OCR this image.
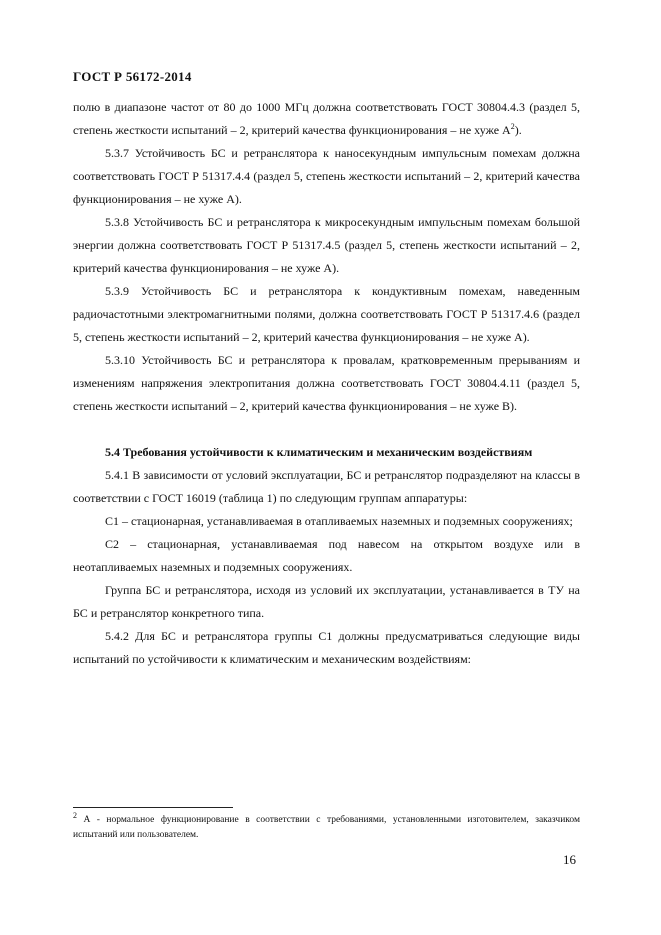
ГОСТ Р 56172-2014

полю в диапазоне частот от 80 до 1000 МГц должна соответствовать ГОСТ 30804.4.3 (раздел 5, степень жесткости испытаний – 2, критерий качества функционирования – не хуже $А^2$).

5.3.7 Устойчивость БС и ретранслятора к наносекундным импульсным помехам должна соответствовать ГОСТ Р 51317.4.4 (раздел 5, степень жесткости испытаний – 2, критерий качества функционирования – не хуже А).

5.3.8 Устойчивость БС и ретранслятора к микросекундным импульсным помехам большой энергии должна соответствовать ГОСТ Р 51317.4.5 (раздел 5, степень жесткости испытаний – 2, критерий качества функционирования – не хуже А).

5.3.9 Устойчивость БС и ретранслятора к кондуктивным помехам, наведенным радиочастотными электромагнитными полями, должна соответствовать ГОСТ Р 51317.4.6 (раздел 5, степень жесткости испытаний – 2, критерий качества функционирования – не хуже А).

5.3.10 Устойчивость БС и ретранслятора к провалам, кратковременным прерываниям и изменениям напряжения электропитания должна соответствовать ГОСТ 30804.4.11 (раздел 5, степень жесткости испытаний – 2, критерий качества функционирования – не хуже В).

5.4 Требования устойчивости к климатическим и механическим воздействиям

5.4.1 В зависимости от условий эксплуатации, БС и ретранслятор подразделяют на классы в соответствии с ГОСТ 16019 (таблица 1) по следующим группам аппаратуры:

С1 – стационарная, устанавливаемая в отапливаемых наземных и подземных сооружениях;

С2 – стационарная, устанавливаемая под навесом на открытом воздухе или в неотапливаемых наземных и подземных сооружениях.

Группа БС и ретранслятора, исходя из условий их эксплуатации, устанавливается в ТУ на БС и ретранслятор конкретного типа.

5.4.2 Для БС и ретранслятора группы С1 должны предусматриваться следующие виды испытаний по устойчивости к климатическим и механическим воздействиям:

$^2$ А - нормальное функционирование в соответствии с требованиями, установленными изготовителем, заказчиком испытаний или пользователем.
16
